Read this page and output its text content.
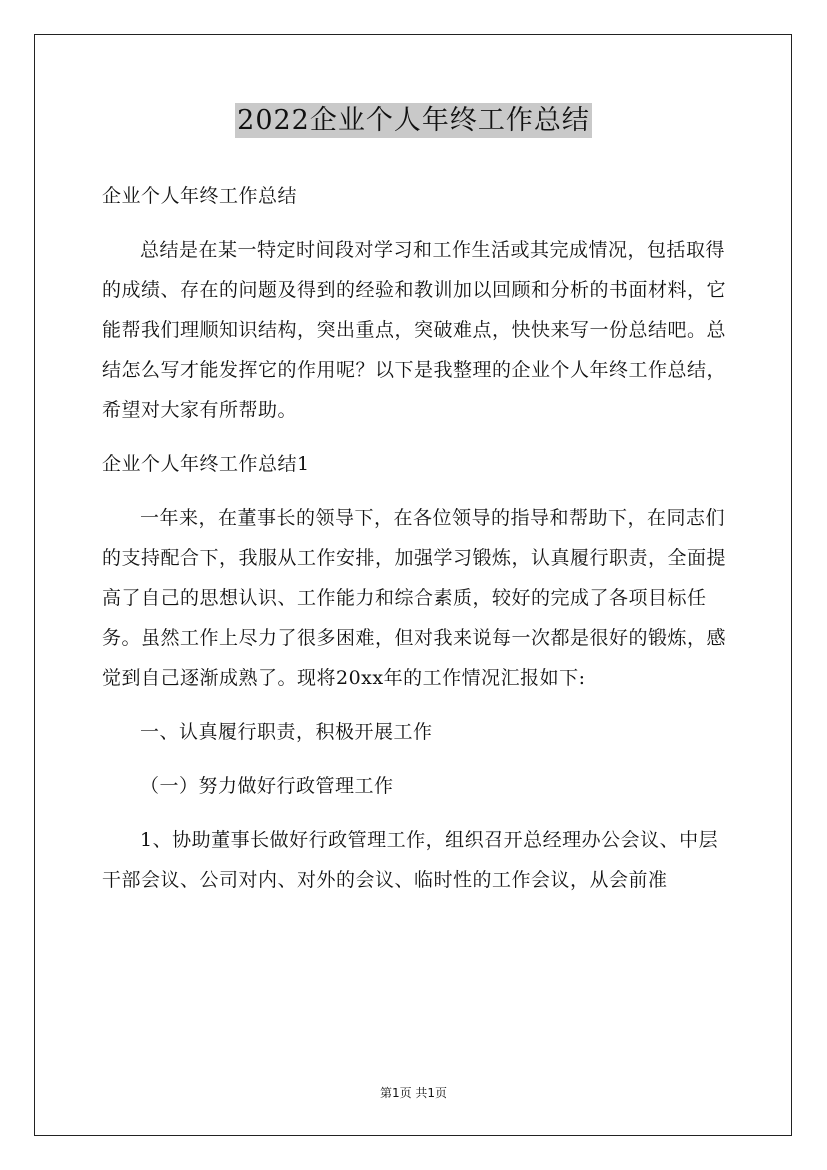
2022企业个人年终工作总结

企业个人年终工作总结

总结是在某一特定时间段对学习和工作生活或其完成情况，包括取得的成绩、存在的问题及得到的经验和教训加以回顾和分析的书面材料，它能帮我们理顺知识结构，突出重点，突破难点，快快来写一份总结吧。总结怎么写才能发挥它的作用呢？以下是我整理的企业个人年终工作总结，希望对大家有所帮助。

企业个人年终工作总结1

一年来，在董事长的领导下，在各位领导的指导和帮助下，在同志们的支持配合下，我服从工作安排，加强学习锻炼，认真履行职责，全面提高了自己的思想认识、工作能力和综合素质，较好的完成了各项目标任务。虽然工作上尽力了很多困难，但对我来说每一次都是很好的锻炼，感觉到自己逐渐成熟了。现将20xx年的工作情况汇报如下:

一、认真履行职责，积极开展工作

（一）努力做好行政管理工作

1、协助董事长做好行政管理工作，组织召开总经理办公会议、中层干部会议、公司对内、对外的会议、临时性的工作会议，从会前准

第1页 共1页
